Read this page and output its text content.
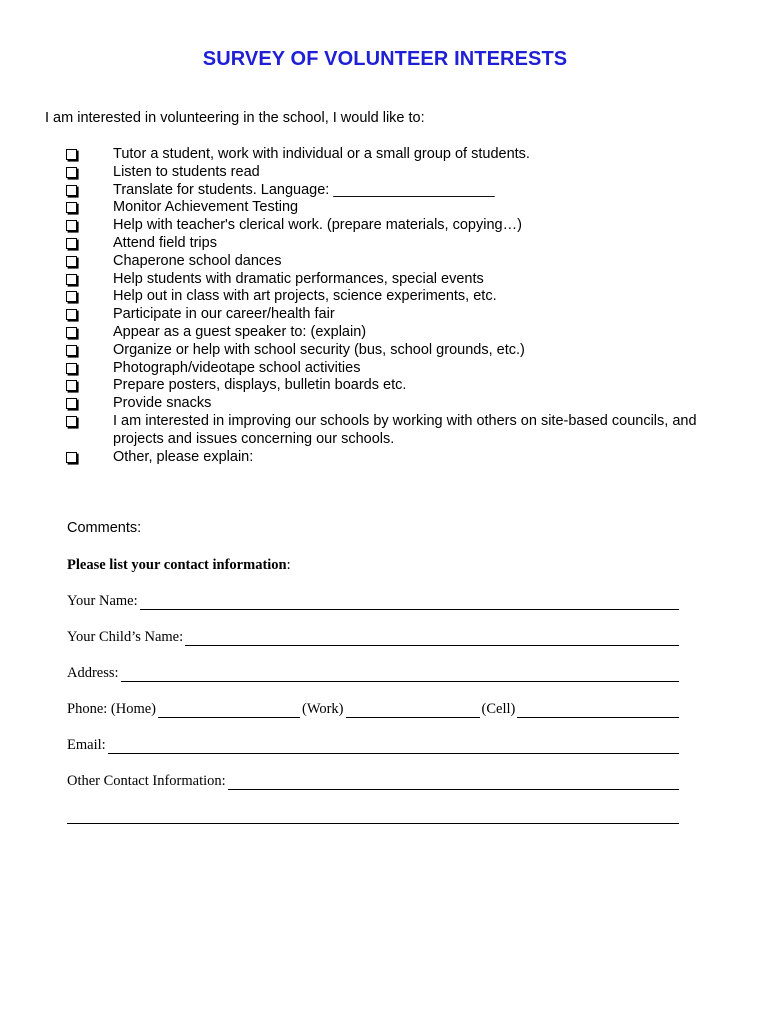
SURVEY OF VOLUNTEER INTERESTS
I am interested in volunteering in the school, I would like to:
Tutor a student, work with individual or a small group of students.
Listen to students read
Translate for students. Language: ____________________
Monitor Achievement Testing
Help with teacher's clerical work. (prepare materials, copying…)
Attend field trips
Chaperone school dances
Help students with dramatic performances, special events
Help out in class with art projects, science experiments, etc.
Participate in our career/health fair
Appear as a guest speaker to: (explain)
Organize or help with school security (bus, school grounds, etc.)
Photograph/videotape school activities
Prepare posters, displays, bulletin boards etc.
Provide snacks
I am interested in improving our schools by working with others on site-based councils, and projects and issues concerning our schools.
Other, please explain:
Comments:
Please list your contact information:
Your Name:
Your Child’s Name:
Address:
Phone: (Home)	(Work)	(Cell)
Email:
Other Contact Information:
